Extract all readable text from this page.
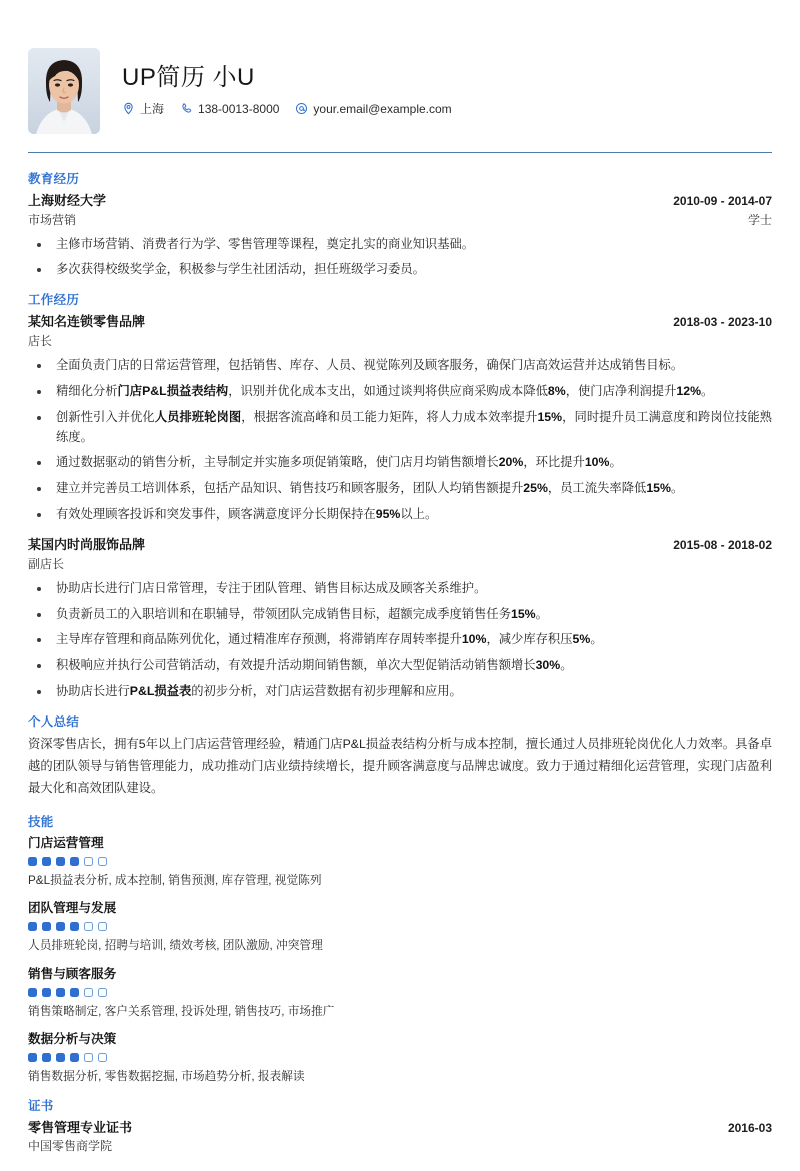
UP简历 小U
上海	138-0013-8000	your.email@example.com
教育经历
上海财经大学	2010-09 - 2014-07
市场营销	学士
主修市场营销、消费者行为学、零售管理等课程，奠定扎实的商业知识基础。
多次获得校级奖学金，积极参与学生社团活动，担任班级学习委员。
工作经历
某知名连锁零售品牌	2018-03 - 2023-10
店长
全面负责门店的日常运营管理，包括销售、库存、人员、视觉陈列及顾客服务，确保门店高效运营并达成销售目标。
精细化分析门店P&L损益表结构，识别并优化成本支出，如通过谈判将供应商采购成本降低8%，使门店净利润提升12%。
创新性引入并优化人员排班轮岗图，根据客流高峰和员工能力矩阵，将人力成本效率提升15%，同时提升员工满意度和跨岗位技能熟练度。
通过数据驱动的销售分析，主导制定并实施多项促销策略，使门店月均销售额增长20%，环比提升10%。
建立并完善员工培训体系，包括产品知识、销售技巧和顾客服务，团队人均销售额提升25%，员工流失率降低15%。
有效处理顾客投诉和突发事件，顾客满意度评分长期保持在95%以上。
某国内时尚服饰品牌	2015-08 - 2018-02
副店长
协助店长进行门店日常管理，专注于团队管理、销售目标达成及顾客关系维护。
负责新员工的入职培训和在职辅导，带领团队完成销售目标，超额完成季度销售任务15%。
主导库存管理和商品陈列优化，通过精准库存预测，将滞销库存周转率提升10%，减少库存积压5%。
积极响应并执行公司营销活动，有效提升活动期间销售额，单次大型促销活动销售额增长30%。
协助店长进行P&L损益表的初步分析，对门店运营数据有初步理解和应用。
个人总结
资深零售店长，拥有5年以上门店运营管理经验，精通门店P&L损益表结构分析与成本控制，擅长通过人员排班轮岗优化人力效率。具备卓越的团队领导与销售管理能力，成功推动门店业绩持续增长，提升顾客满意度与品牌忠诚度。致力于通过精细化运营管理，实现门店盈利最大化和高效团队建设。
技能
门店运营管理
P&L损益表分析, 成本控制, 销售预测, 库存管理, 视觉陈列
团队管理与发展
人员排班轮岗, 招聘与培训, 绩效考核, 团队激励, 冲突管理
销售与顾客服务
销售策略制定, 客户关系管理, 投诉处理, 销售技巧, 市场推广
数据分析与决策
销售数据分析, 零售数据挖掘, 市场趋势分析, 报表解读
证书
零售管理专业证书	2016-03
中国零售商学院
